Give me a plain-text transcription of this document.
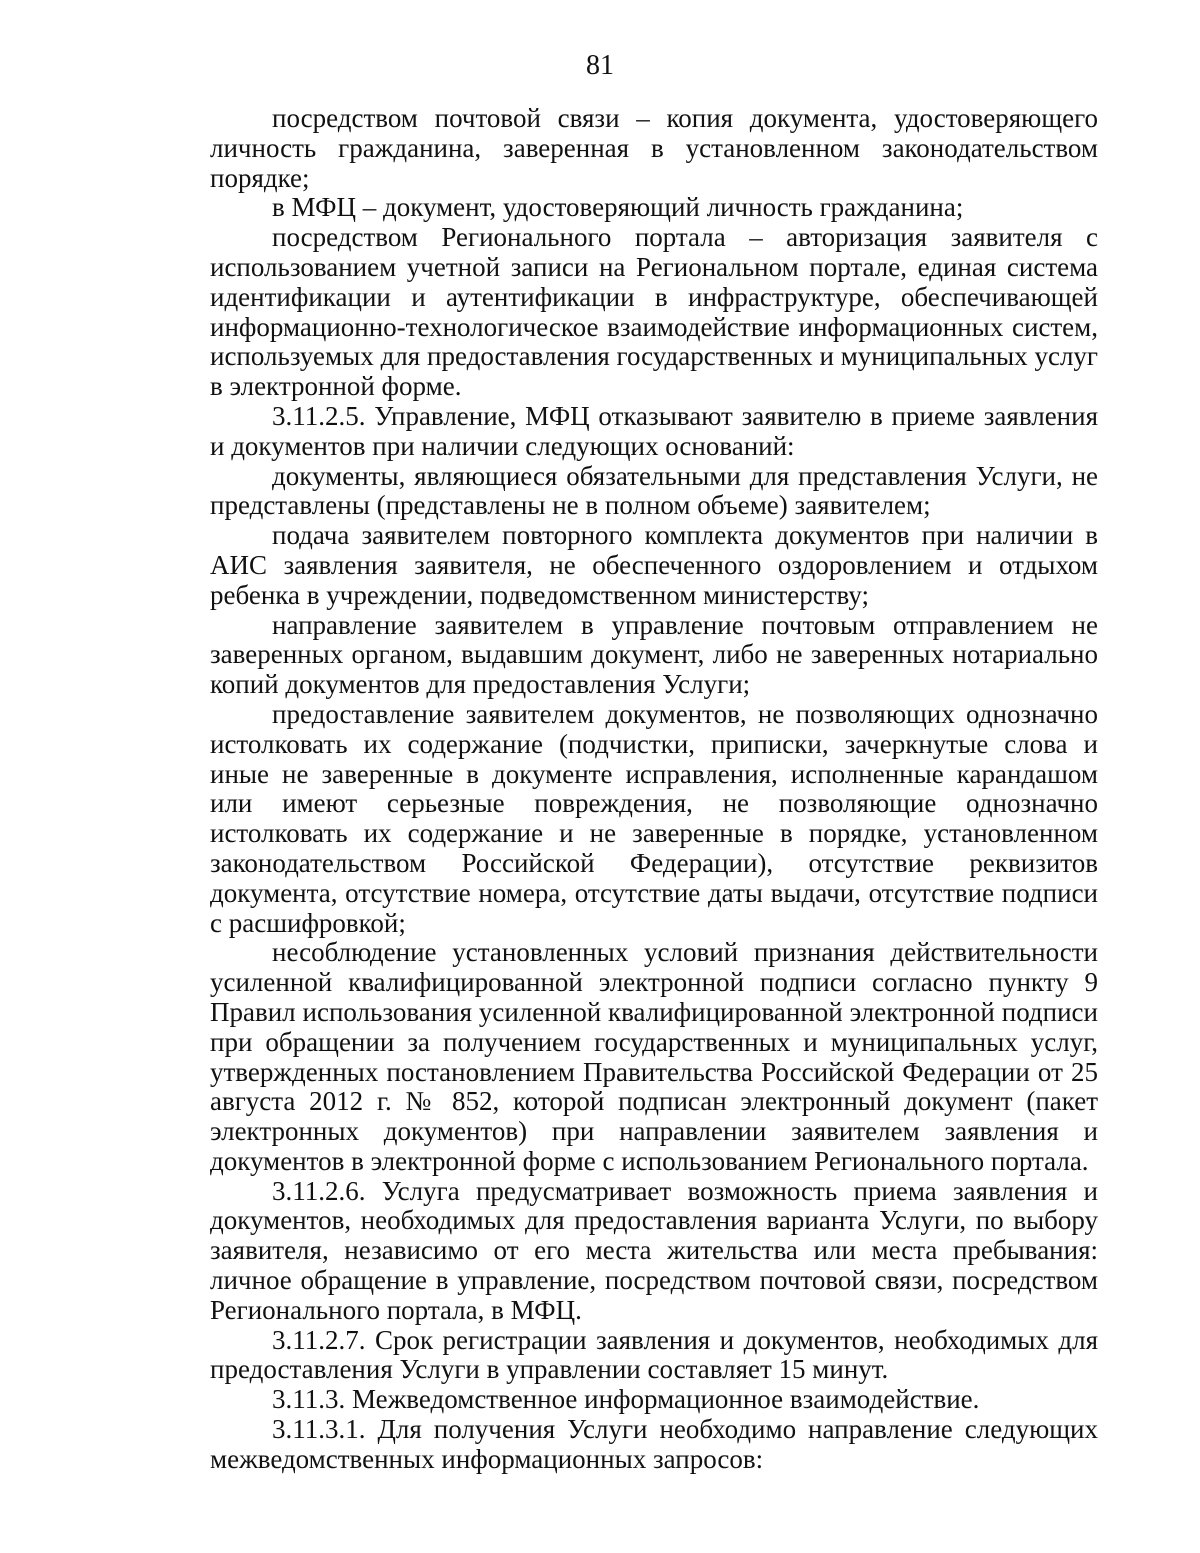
81

посредством почтовой связи – копия документа, удостоверяющего личность гражданина, заверенная в установленном законодательством порядке;

в МФЦ – документ, удостоверяющий личность гражданина;

посредством Регионального портала – авторизация заявителя с использованием учетной записи на Региональном портале, единая система идентификации и аутентификации в инфраструктуре, обеспечивающей информационно-технологическое взаимодействие информационных систем, используемых для предоставления государственных и муниципальных услуг в электронной форме.

3.11.2.5. Управление, МФЦ отказывают заявителю в приеме заявления и документов при наличии следующих оснований:

документы, являющиеся обязательными для представления Услуги, не представлены (представлены не в полном объеме) заявителем;

подача заявителем повторного комплекта документов при наличии в АИС заявления заявителя, не обеспеченного оздоровлением и отдыхом ребенка в учреждении, подведомственном министерству;

направление заявителем в управление почтовым отправлением не заверенных органом, выдавшим документ, либо не заверенных нотариально копий документов для предоставления Услуги;

предоставление заявителем документов, не позволяющих однозначно истолковать их содержание (подчистки, приписки, зачеркнутые слова и иные не заверенные в документе исправления, исполненные карандашом или имеют серьезные повреждения, не позволяющие однозначно истолковать их содержание и не заверенные в порядке, установленном законодательством Российской Федерации), отсутствие реквизитов документа, отсутствие номера, отсутствие даты выдачи, отсутствие подписи с расшифровкой;

несоблюдение установленных условий признания действительности усиленной квалифицированной электронной подписи согласно пункту 9 Правил использования усиленной квалифицированной электронной подписи при обращении за получением государственных и муниципальных услуг, утвержденных постановлением Правительства Российской Федерации от 25 августа 2012 г. № 852, которой подписан электронный документ (пакет электронных документов) при направлении заявителем заявления и документов в электронной форме с использованием Регионального портала.

3.11.2.6. Услуга предусматривает возможность приема заявления и документов, необходимых для предоставления варианта Услуги, по выбору заявителя, независимо от его места жительства или места пребывания: личное обращение в управление, посредством почтовой связи, посредством Регионального портала, в МФЦ.

3.11.2.7. Срок регистрации заявления и документов, необходимых для предоставления Услуги в управлении составляет 15 минут.

3.11.3. Межведомственное информационное взаимодействие.

3.11.3.1. Для получения Услуги необходимо направление следующих межведомственных информационных запросов:
